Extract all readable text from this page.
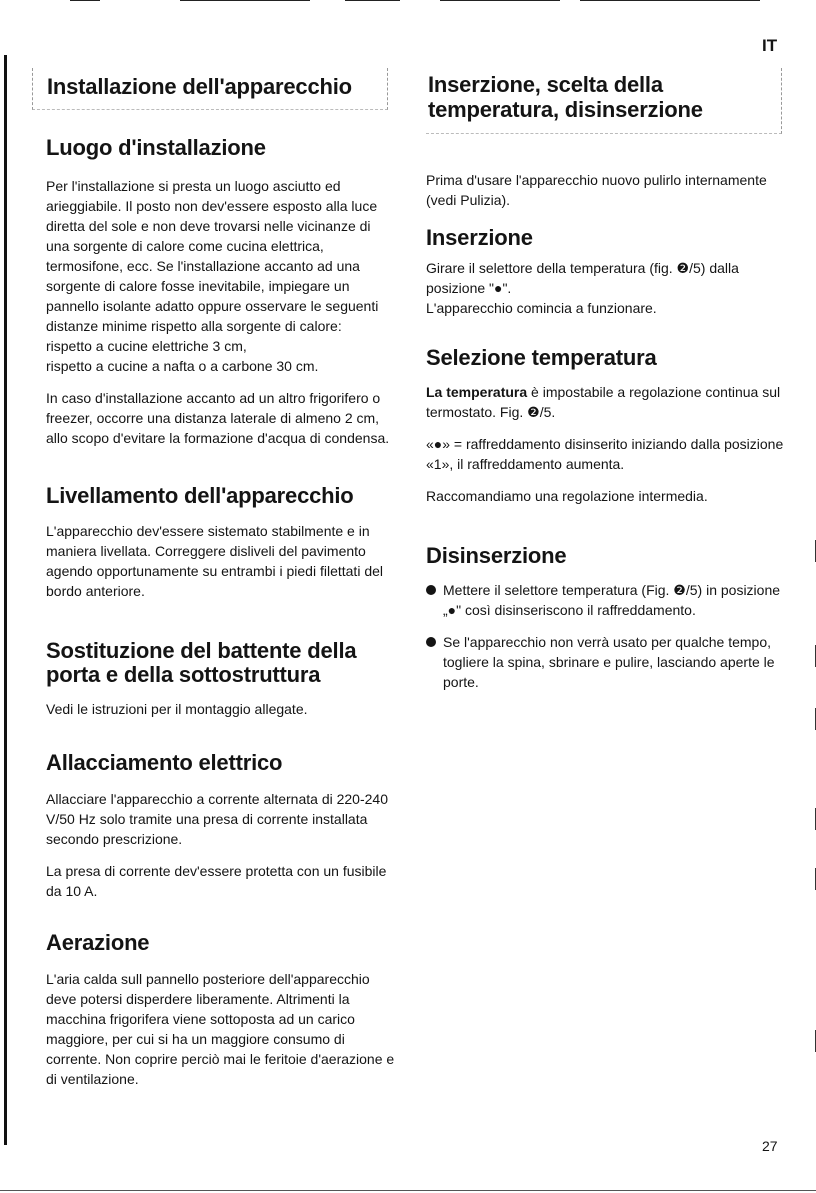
IT
Installazione dell'apparecchio
Luogo d'installazione

Per l'installazione si presta un luogo asciutto ed arieggiabile. Il posto non dev'essere esposto alla luce diretta del sole e non deve trovarsi nelle vicinanze di una sorgente di calore come cucina elettrica, termosifone, ecc. Se l'installazione accanto ad una sorgente di calore fosse inevitabile, impiegare un pannello isolante adatto oppure osservare le seguenti distanze minime rispetto alla sorgente di calore:

rispetto a cucine elettriche 3 cm,

rispetto a cucine a nafta o a carbone 30 cm.

In caso d'installazione accanto ad un altro frigorifero o freezer, occorre una distanza laterale di almeno 2 cm, allo scopo d'evitare la formazione d'acqua di condensa.

Livellamento dell'apparecchio

L'apparecchio dev'essere sistemato stabilmente e in maniera livellata. Correggere disliveli del pavimento agendo opportunamente su entrambi i piedi filettati del bordo anteriore.

Sostituzione del battente della porta e della sottostruttura

Vedi le istruzioni per il montaggio allegate.

Allacciamento elettrico

Allacciare l'apparecchio a corrente alternata di 220-240 V/50 Hz solo tramite una presa di corrente installata secondo prescrizione.

La presa di corrente dev'essere protetta con un fusibile da 10 A.

Aerazione

L'aria calda sull pannello posteriore dell'apparecchio deve potersi disperdere liberamente. Altrimenti la macchina frigorifera viene sottoposta ad un carico maggiore, per cui si ha un maggiore consumo di corrente. Non coprire perciò mai le feritoie d'aerazione e di ventilazione.

Inserzione, scelta della temperatura, disinserzione

Prima d'usare l'apparecchio nuovo pulirlo internamente (vedi Pulizia).

Inserzione

Girare il selettore della temperatura (fig. ❷/5) dalla posizione "●".

L'apparecchio comincia a funzionare.

Selezione temperatura

La temperatura è impostabile a regolazione continua sul termostato. Fig. ❷/5.

«●» = raffreddamento disinserito iniziando dalla posizione «1», il raffreddamento aumenta.

Raccomandiamo una regolazione intermedia.

Disinserzione
Mettere il selettore temperatura (Fig. ❷/5) in posizione „●" così disinseriscono il raffreddamento.
Se l'apparecchio non verrà usato per qualche tempo, togliere la spina, sbrinare e pulire, lasciando aperte le porte.
27
